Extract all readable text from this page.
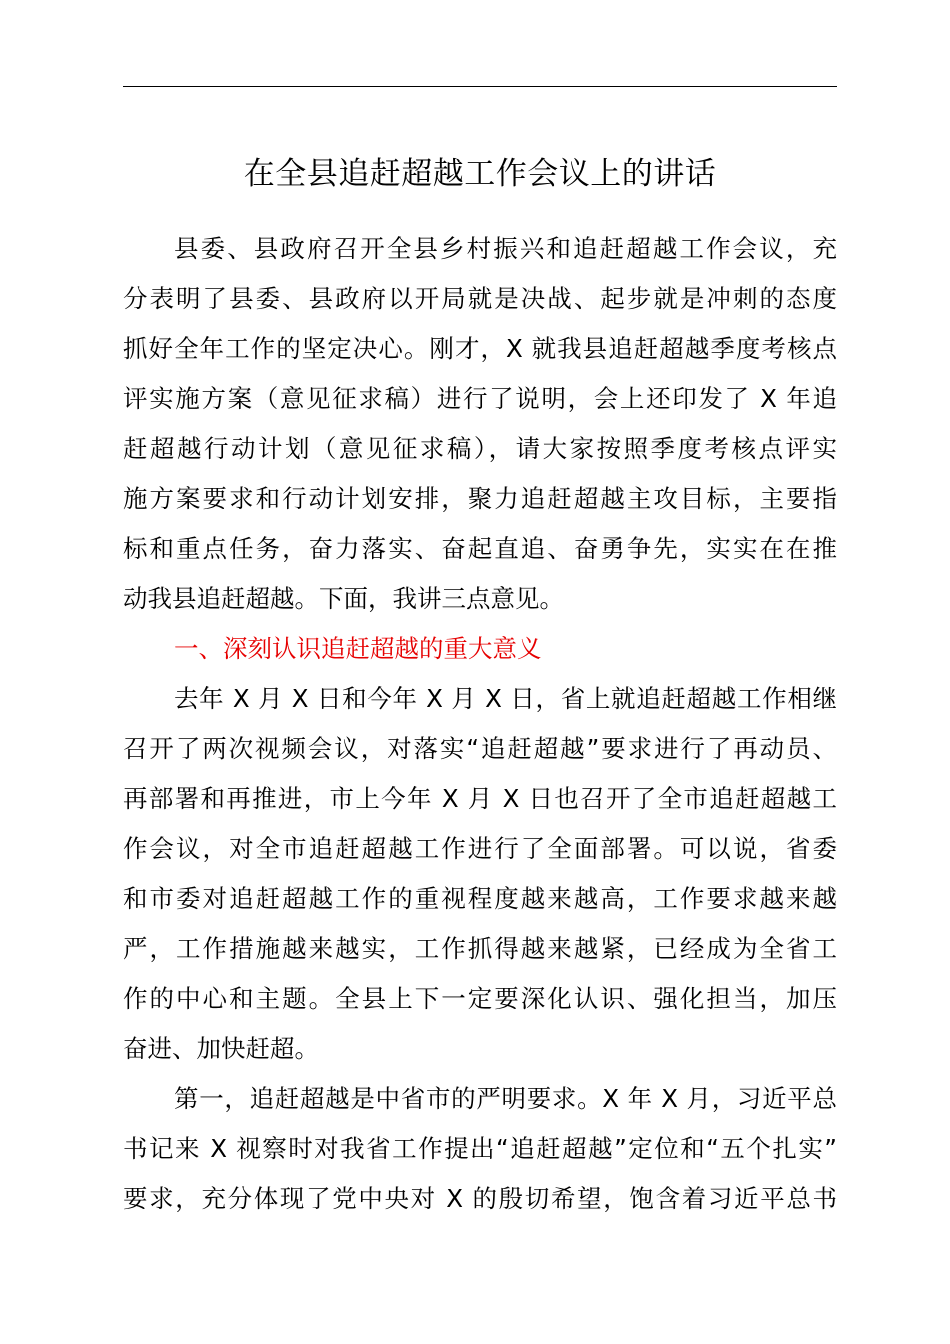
在全县追赶超越工作会议上的讲话
县委、县政府召开全县乡村振兴和追赶超越工作会议，充
分表明了县委、县政府以开局就是决战、起步就是冲刺的态度
抓好全年工作的坚定决心。刚才，X 就我县追赶超越季度考核点
评实施方案（意见征求稿）进行了说明，会上还印发了 X 年追
赶超越行动计划（意见征求稿），请大家按照季度考核点评实
施方案要求和行动计划安排，聚力追赶超越主攻目标，主要指
标和重点任务，奋力落实、奋起直追、奋勇争先，实实在在推
动我县追赶超越。下面，我讲三点意见。
一、深刻认识追赶超越的重大意义
去年 X 月 X 日和今年 X 月 X 日，省上就追赶超越工作相继
召开了两次视频会议，对落实“追赶超越”要求进行了再动员、
再部署和再推进，市上今年 X 月 X 日也召开了全市追赶超越工
作会议，对全市追赶超越工作进行了全面部署。可以说，省委
和市委对追赶超越工作的重视程度越来越高，工作要求越来越
严，工作措施越来越实，工作抓得越来越紧，已经成为全省工
作的中心和主题。全县上下一定要深化认识、强化担当，加压
奋进、加快赶超。
第一，追赶超越是中省市的严明要求。X 年 X 月，习近平总
书记来 X 视察时对我省工作提出“追赶超越”定位和“五个扎实”
要求，充分体现了党中央对 X 的殷切希望，饱含着习近平总书
